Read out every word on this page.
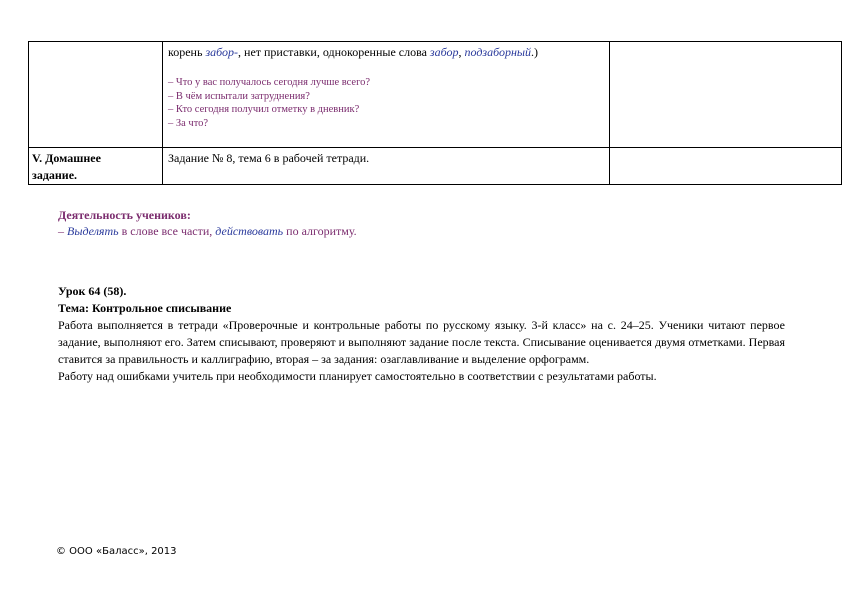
	корень забор-, нет приставки, однокоренные слова забор, подзаборный.)
– Что у вас получалось сегодня лучше всего?
– В чём испытали затруднения?
– Кто сегодня получил отметку в дневник?
– За что?	

V. Домашнее
задание.	Задание № 8, тема 6 в рабочей тетради.	
Деятельность учеников:
– Выделять в слове все части, действовать по алгоритму.
Урок 64 (58).
Тема: Контрольное списывание
Работа выполняется в тетради «Проверочные и контрольные работы по русскому языку. 3-й класс» на с. 24–25. Ученики читают первое задание, выполняют его. Затем списывают, проверяют и выполняют задание после текста. Списывание оценивается двумя отметками. Первая ставится за правильность и каллиграфию, вторая – за задания: озаглавливание и выделение орфограмм.
Работу над ошибками учитель при необходимости планирует самостоятельно в соответствии с результатами работы.
© ООО «Баласс», 2013
